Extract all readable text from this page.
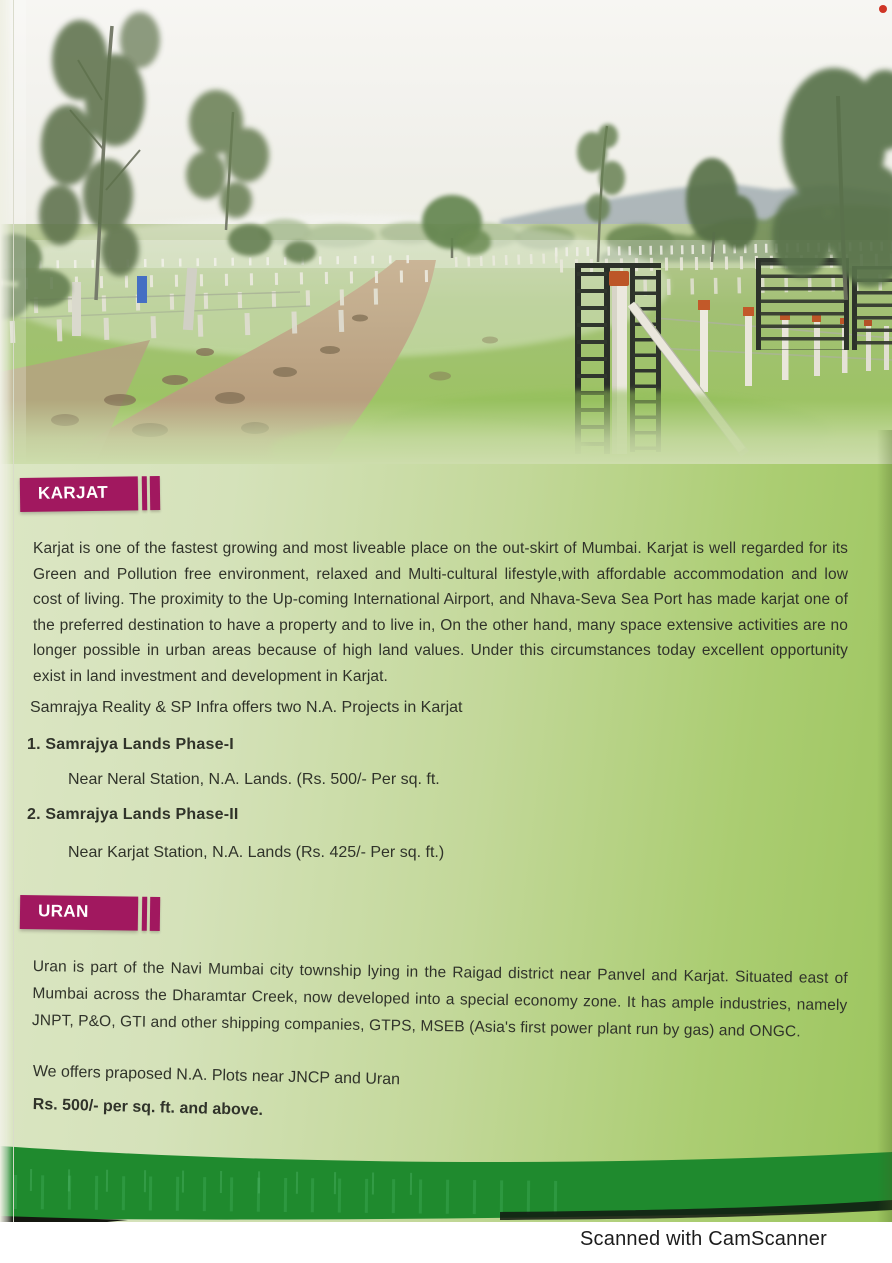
KARJAT
Karjat is one of the fastest growing and most liveable place on the out-skirt of Mumbai. Karjat is well regarded for its Green and Pollution free environment, relaxed and Multi-cultural lifestyle,with affordable accommodation and low cost of living. The proximity to the Up-coming International Airport, and Nhava-Seva Sea Port has made karjat one of the preferred destination to have a property and to live in, On the other hand, many space extensive activities are no longer possible in urban areas because of high land values. Under this circumstances today excellent opportunity exist in land investment and development in Karjat.
Samrajya Reality & SP Infra offers two N.A. Projects in Karjat
1. Samrajya Lands Phase-I
Near Neral Station, N.A. Lands. (Rs. 500/- Per sq. ft.
2. Samrajya Lands Phase-II
Near Karjat Station, N.A. Lands (Rs. 425/- Per sq. ft.)
URAN
Uran is part of the Navi Mumbai city township lying in the Raigad district near Panvel and Karjat. Situated east of Mumbai across the Dharamtar Creek, now developed into a special economy zone. It has ample industries, namely JNPT, P&O, GTI and other shipping companies, GTPS, MSEB (Asia's first power plant run by gas) and ONGC.
We offers praposed N.A. Plots near JNCP and Uran
Rs. 500/- per sq. ft. and above.
Scanned with CamScanner
